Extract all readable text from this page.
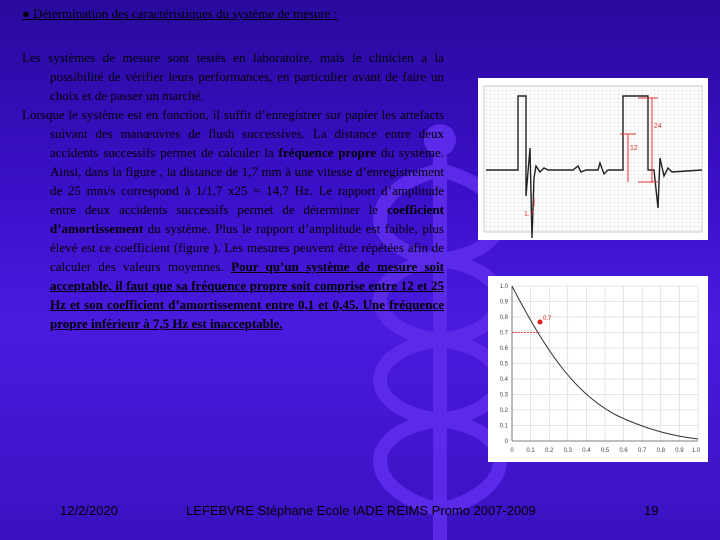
● Détermination des caractéristiques du système de mesure :

Les systèmes de mesure sont testés en laboratoire, mais le clinicien a la possibilité de vérifier leurs performances, en particulier avant de faire un choix et de passer un marché.

Lorsque le système est en fonction, il suffit d’enregistrer sur papier les artefacts suivant des manœuvres de flush successives. La distance entre deux accidents successifs permet de calculer la fréquence propre du système. Ainsi, dans la figure , la distance de 1,7 mm à une vitesse d’enregistrement de 25 mm/s correspond à 1/1,7 x25 = 14,7 Hz. Le rapport d’amplitude entre deux accidents successifs permet de déterminer le coefficient d’amortissement du système. Plus le rapport d’amplitude est faible, plus élevé est ce coefficient (figure ). Les mesures peuvent être répétées afin de calculer des valeurs moyennes. Pour qu’un système de mesure soit acceptable, il faut que sa fréquence propre soit comprise entre 12 et 25 Hz et son coefficient d’amortissement entre 0,1 et 0,45. Une fréquence propre inférieur à 7,5 Hz est inacceptable.

24
12
1.7
1.0
0.9
0.8
0.7
0.6
0.5
0.4
0.3
0.2
0.1
0
0 0.1 0.2 0.3 0.4 0.5 0.6 0.7 0.8 0.9 1.0
0.7
12/2/2020	LEFEBVRE Stéphane Ecole IADE REIMS Promo 2007-2009	19
